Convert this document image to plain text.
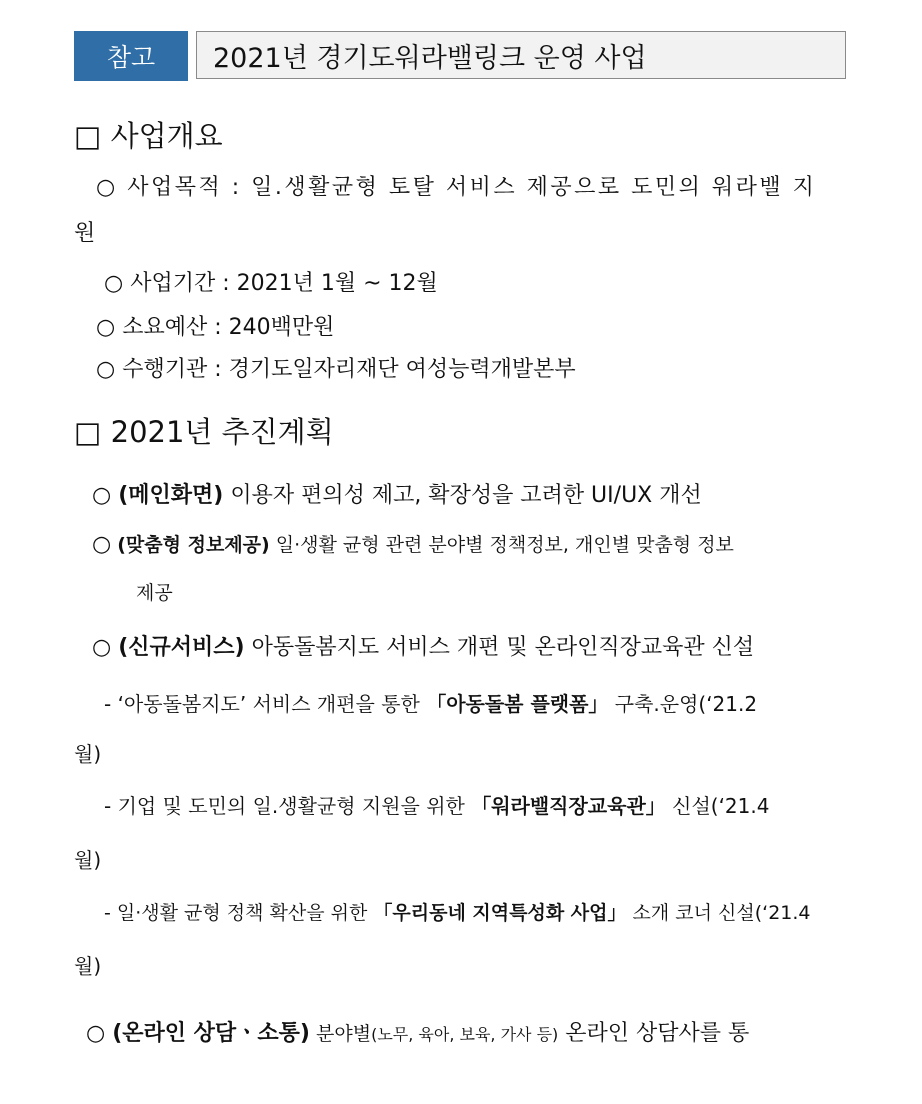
참고	2021년 경기도워라밸링크 운영 사업
□ 사업개요
○ 사업목적 : 일.생활균형 토탈 서비스 제공으로 도민의 워라밸 지
원
○ 사업기간 : 2021년 1월 ~ 12월
○ 소요예산 : 240백만원
○ 수행기관 : 경기도일자리재단 여성능력개발본부
□ 2021년 추진계획
○ (메인화면) 이용자 편의성 제고, 확장성을 고려한 UI/UX 개선
○ (맞춤형 정보제공) 일·생활 균형 관련 분야별 정책정보, 개인별 맞춤형 정보
제공
○ (신규서비스) 아동돌봄지도 서비스 개편 및 온라인직장교육관 신설
- ‘아동돌봄지도’ 서비스 개편을 통한 「아동돌봄 플랫폼」 구축.운영(‘21.2
월)
- 기업 및 도민의 일.생활균형 지원을 위한 「워라밸직장교육관」 신설(‘21.4
월)
- 일·생활 균형 정책 확산을 위한 「우리동네 지역특성화 사업」 소개 코너 신설(‘21.4
월)
○ (온라인 상담ㆍ소통) 분야별(노무, 육아, 보육, 가사 등) 온라인 상담사를 통
